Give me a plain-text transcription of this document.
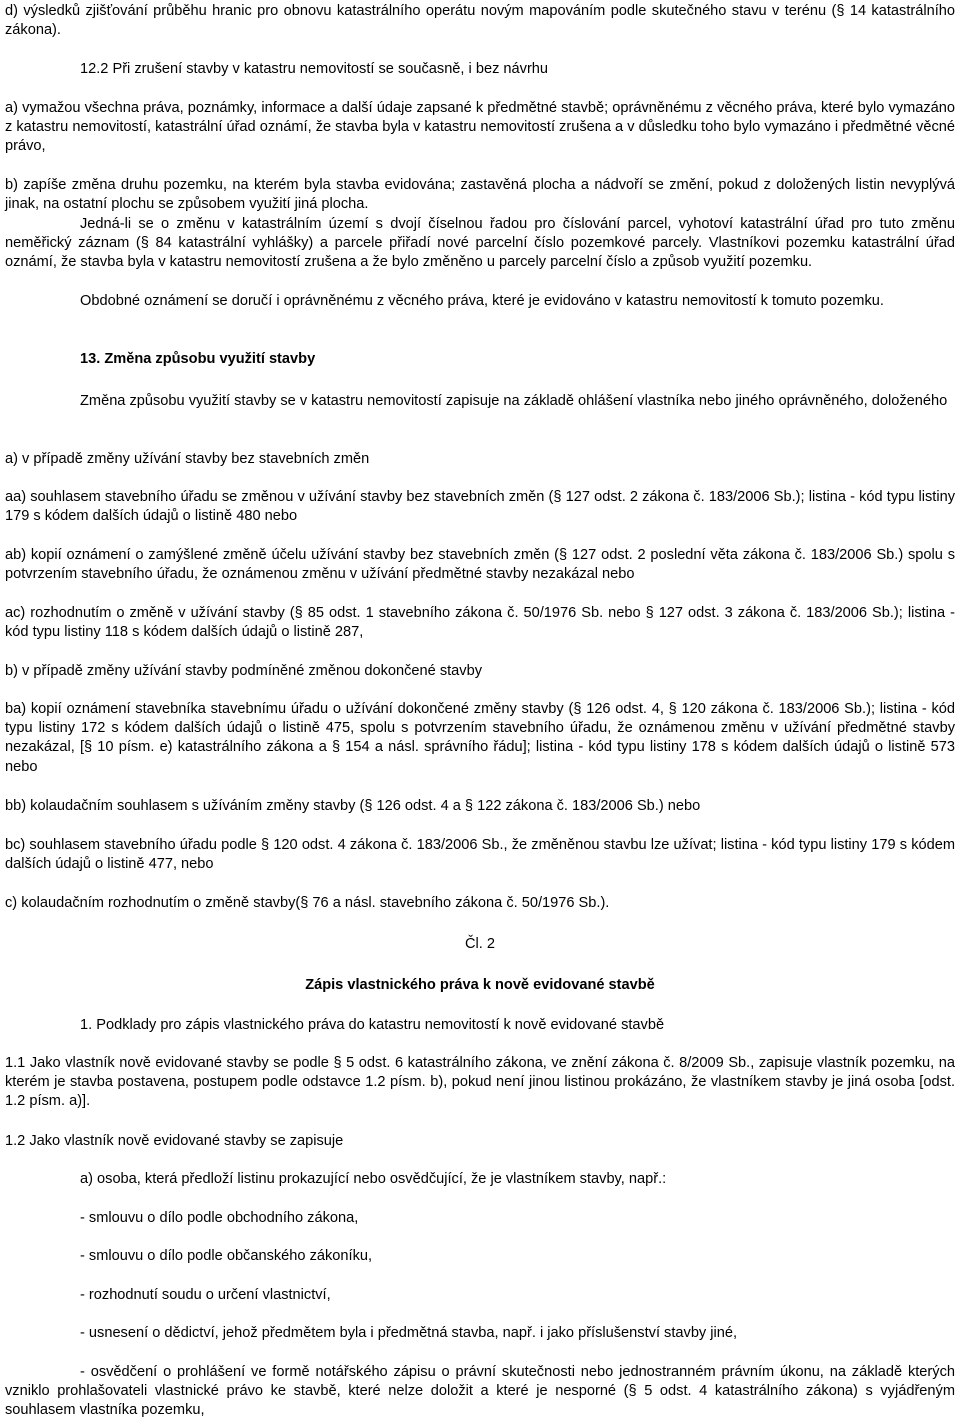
d) výsledků zjišťování průběhu hranic pro obnovu katastrálního operátu novým mapováním podle skutečného stavu v terénu (§ 14 katastrálního zákona).

12.2 Při zrušení stavby v katastru nemovitostí se současně, i bez návrhu

a) vymažou všechna práva, poznámky, informace a další údaje zapsané k předmětné stavbě; oprávněnému z věcného práva, které bylo vymazáno z katastru nemovitostí, katastrální úřad oznámí, že stavba byla v katastru nemovitostí zrušena a v důsledku toho bylo vymazáno i předmětné věcné právo,

b) zapíše změna druhu pozemku, na kterém byla stavba evidována; zastavěná plocha a nádvoří se změní, pokud z doložených listin nevyplývá jinak, na ostatní plochu se způsobem využití jiná plocha.

Jedná-li se o změnu v katastrálním území s dvojí číselnou řadou pro číslování parcel, vyhotoví katastrální úřad pro tuto změnu neměřický záznam (§ 84 katastrální vyhlášky) a parcele přiřadí nové parcelní číslo pozemkové parcely. Vlastníkovi pozemku katastrální úřad oznámí, že stavba byla v katastru nemovitostí zrušena a že bylo změněno u parcely parcelní číslo a způsob využití pozemku.

Obdobné oznámení se doručí i oprávněnému z věcného práva, které je evidováno v katastru nemovitostí k tomuto pozemku.

13. Změna způsobu využití stavby

Změna způsobu využití stavby se v katastru nemovitostí zapisuje na základě ohlášení vlastníka nebo jiného oprávněného, doloženého

a) v případě změny užívání stavby bez stavebních změn

aa) souhlasem stavebního úřadu se změnou v užívání stavby bez stavebních změn (§ 127 odst. 2 zákona č. 183/2006 Sb.); listina - kód typu listiny 179 s kódem dalších údajů o listině 480 nebo

ab) kopií oznámení o zamýšlené změně účelu užívání stavby bez stavebních změn (§ 127 odst. 2 poslední věta zákona č. 183/2006 Sb.) spolu s potvrzením stavebního úřadu, že oznámenou změnu v užívání předmětné stavby nezakázal nebo

ac) rozhodnutím o změně v užívání stavby (§ 85 odst. 1 stavebního zákona č. 50/1976 Sb. nebo § 127 odst. 3 zákona č. 183/2006 Sb.); listina - kód typu listiny 118 s kódem dalších údajů o listině 287,

b) v případě změny užívání stavby podmíněné změnou dokončené stavby

ba) kopií oznámení stavebníka stavebnímu úřadu o užívání dokončené změny stavby (§ 126 odst. 4, § 120 zákona č. 183/2006 Sb.); listina - kód typu listiny 172 s kódem dalších údajů o listině 475, spolu s potvrzením stavebního úřadu, že oznámenou změnu v užívání předmětné stavby nezakázal, [§ 10 písm. e) katastrálního zákona a § 154 a násl. správního řádu]; listina - kód typu listiny 178 s kódem dalších údajů o listině 573 nebo

bb) kolaudačním souhlasem s užíváním změny stavby (§ 126 odst. 4 a § 122 zákona č. 183/2006 Sb.) nebo

bc) souhlasem stavebního úřadu podle § 120 odst. 4 zákona č. 183/2006 Sb., že změněnou stavbu lze užívat; listina - kód typu listiny 179 s kódem dalších údajů o listině 477, nebo

c) kolaudačním rozhodnutím o změně stavby(§ 76 a násl. stavebního zákona č. 50/1976 Sb.).

Čl. 2

Zápis vlastnického práva k nově evidované stavbě

1. Podklady pro zápis vlastnického práva do katastru nemovitostí k nově evidované stavbě

1.1 Jako vlastník nově evidované stavby se podle § 5 odst. 6 katastrálního zákona, ve znění zákona č. 8/2009 Sb., zapisuje vlastník pozemku, na kterém je stavba postavena, postupem podle odstavce 1.2 písm. b), pokud není jinou listinou prokázáno, že vlastníkem stavby je jiná osoba [odst. 1.2 písm. a)].

1.2 Jako vlastník nově evidované stavby se zapisuje

a) osoba, která předloží listinu prokazující nebo osvědčující, že je vlastníkem stavby, např.:

- smlouvu o dílo podle obchodního zákona,

- smlouvu o dílo podle občanského zákoníku,

- rozhodnutí soudu o určení vlastnictví,

- usnesení o dědictví, jehož předmětem byla i předmětná stavba, např. i jako příslušenství stavby jiné,

- osvědčení o prohlášení ve formě notářského zápisu o právní skutečnosti nebo jednostranném právním úkonu, na základě kterých vzniklo prohlašovateli vlastnické právo ke stavbě, které nelze doložit a které je nesporné (§ 5 odst. 4 katastrálního zákona) s vyjádřeným souhlasem vlastníka pozemku,
